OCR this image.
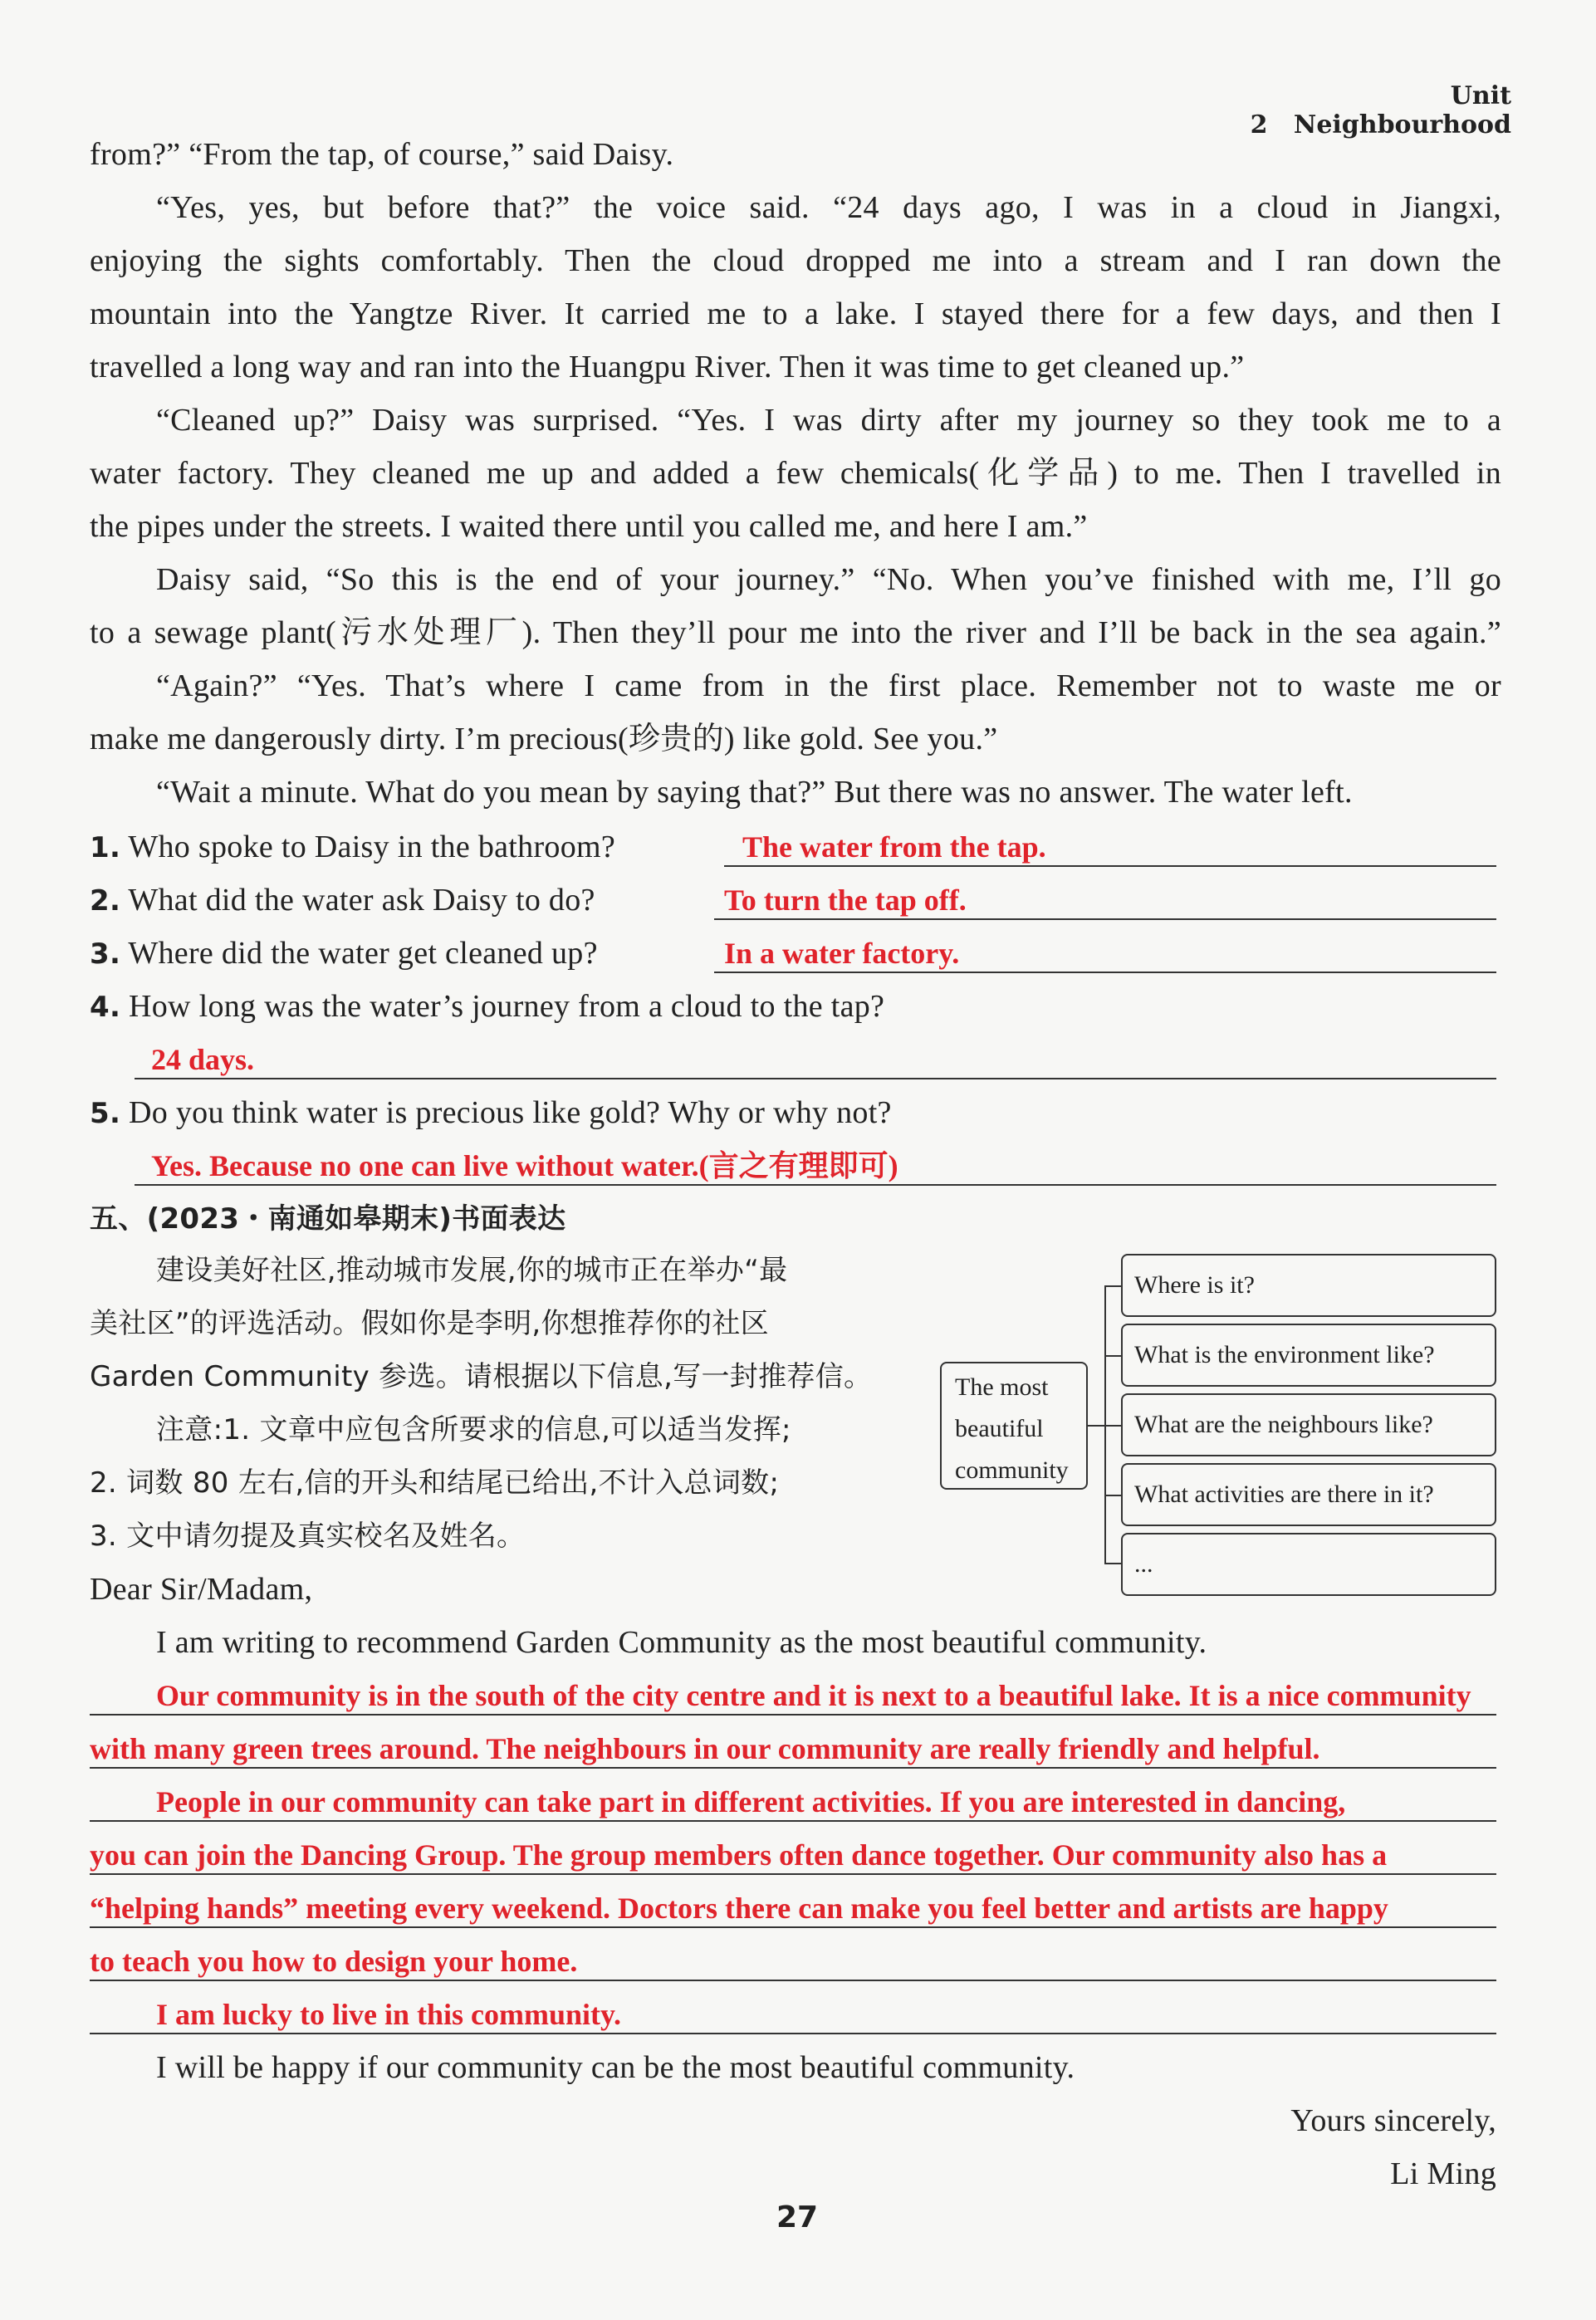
Unit 2 Neighbourhood
from?” “From the tap, of course,” said Daisy.
“Yes, yes, but before that?” the voice said. “24 days ago, I was in a cloud in Jiangxi,
enjoying the sights comfortably. Then the cloud dropped me into a stream and I ran down the
mountain into the Yangtze River. It carried me to a lake. I stayed there for a few days, and then I
travelled a long way and ran into the Huangpu River. Then it was time to get cleaned up.”
“Cleaned up?” Daisy was surprised. “Yes. I was dirty after my journey so they took me to a
water factory. They cleaned me up and added a few chemicals(化学品) to me. Then I travelled in
the pipes under the streets. I waited there until you called me, and here I am.”
Daisy said, “So this is the end of your journey.” “No. When you’ve finished with me, I’ll go
to a sewage plant(污水处理厂). Then they’ll pour me into the river and I’ll be back in the sea again.”
“Again?” “Yes. That’s where I came from in the first place. Remember not to waste me or
make me dangerously dirty. I’m precious(珍贵的) like gold. See you.”
“Wait a minute. What do you mean by saying that?” But there was no answer. The water left.
1. Who spoke to Daisy in the bathroom?	The water from the tap.
2. What did the water ask Daisy to do?	To turn the tap off.
3. Where did the water get cleaned up?	In a water factory.
4. How long was the water’s journey from a cloud to the tap?
24 days.
5. Do you think water is precious like gold? Why or why not?
Yes. Because no one can live without water.(言之有理即可)
五、(2023・南通如皋期末)书面表达
建设美好社区,推动城市发展,你的城市正在举办“最
美社区”的评选活动。假如你是李明,你想推荐你的社区
Garden Community 参选。请根据以下信息,写一封推荐信。
注意:1. 文章中应包含所要求的信息,可以适当发挥;
2. 词数 80 左右,信的开头和结尾已给出,不计入总词数;
3. 文中请勿提及真实校名及姓名。
The most
beautiful
community
Where is it?
What is the environment like?
What are the neighbours like?
What activities are there in it?
...
Dear Sir/Madam,
I am writing to recommend Garden Community as the most beautiful community.
Our community is in the south of the city centre and it is next to a beautiful lake. It is a nice community
with many green trees around. The neighbours in our community are really friendly and helpful.
People in our community can take part in different activities. If you are interested in dancing,
you can join the Dancing Group. The group members often dance together. Our community also has a
“helping hands” meeting every weekend. Doctors there can make you feel better and artists are happy
to teach you how to design your home.
I am lucky to live in this community.
I will be happy if our community can be the most beautiful community.
Yours sincerely,
Li Ming
27
